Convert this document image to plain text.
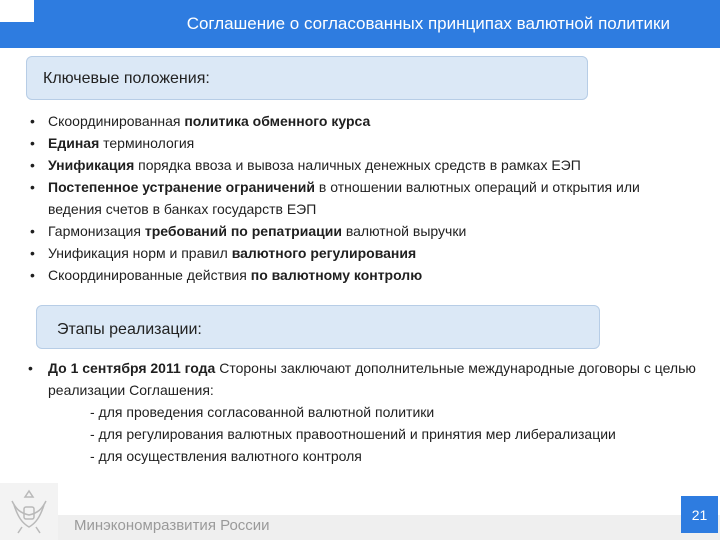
Соглашение о согласованных принципах валютной политики
Ключевые положения:
• Скоординированная политика обменного курса
• Единая терминология
• Унификация порядка ввоза и вывоза наличных денежных средств в рамках ЕЭП
• Постепенное устранение ограничений в отношении валютных операций и открытия или ведения счетов в банках государств ЕЭП
• Гармонизация требований по репатриации валютной выручки
• Унификация норм и правил валютного регулирования
• Скоординированные действия по валютному контролю
Этапы реализации:
• До 1 сентября 2011 года Стороны заключают дополнительные международные договоры с целью реализации Соглашения:
- для проведения согласованной валютной политики
- для регулирования валютных правоотношений и принятия мер либерализации
- для осуществления валютного контроля
Минэкономразвития России
21
